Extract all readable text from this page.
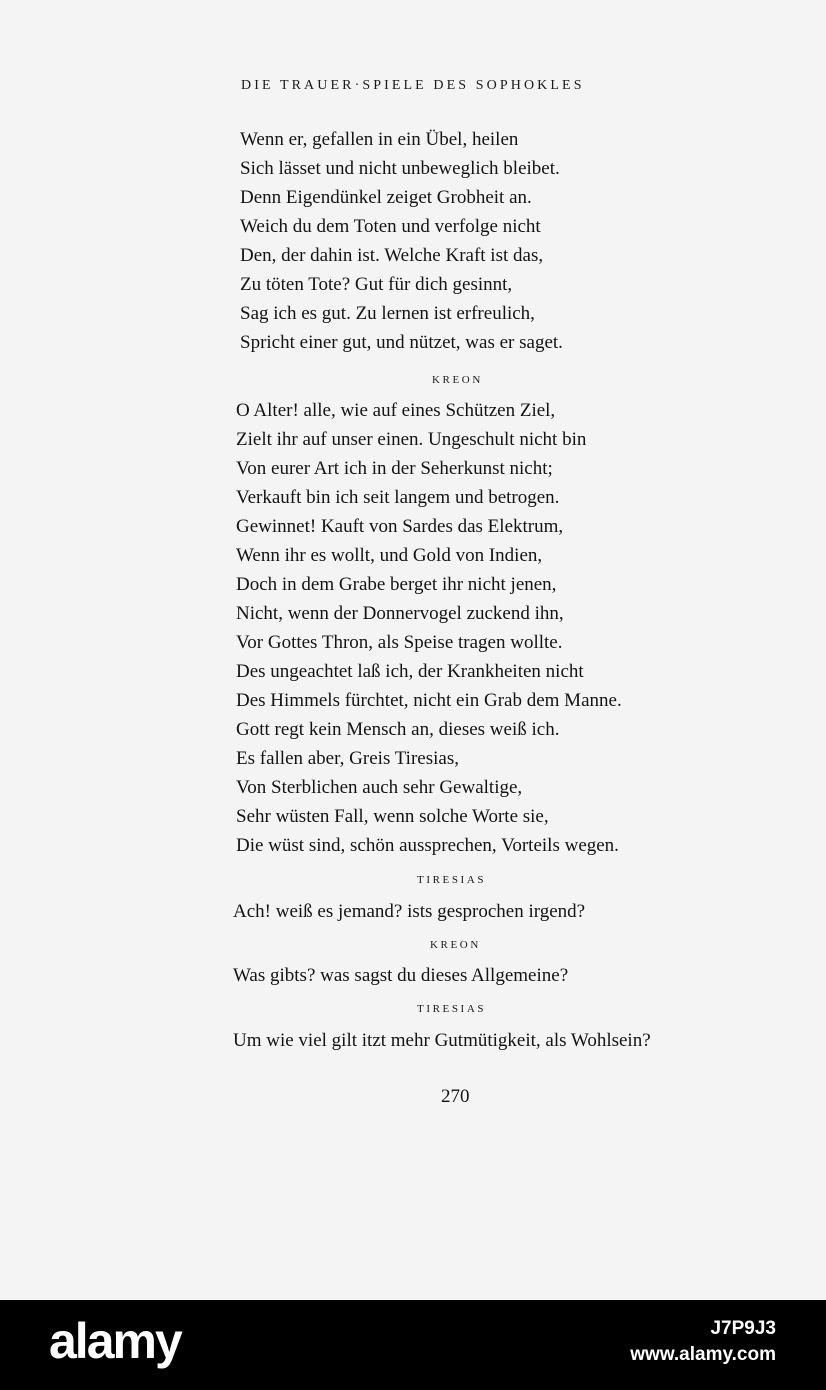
DIE TRAUER·SPIELE DES SOPHOKLES
Wenn er, gefallen in ein Übel, heilen
Sich lässet und nicht unbeweglich bleibet.
Denn Eigendünkel zeiget Grobheit an.
Weich du dem Toten und verfolge nicht
Den, der dahin ist. Welche Kraft ist das,
Zu töten Tote? Gut für dich gesinnt,
Sag ich es gut. Zu lernen ist erfreulich,
Spricht einer gut, und nützet, was er saget.
KREON
O Alter! alle, wie auf eines Schützen Ziel,
Zielt ihr auf unser einen. Ungeschult nicht bin
Von eurer Art ich in der Seherkunst nicht;
Verkauft bin ich seit langem und betrogen.
Gewinnet! Kauft von Sardes das Elektrum,
Wenn ihr es wollt, und Gold von Indien,
Doch in dem Grabe berget ihr nicht jenen,
Nicht, wenn der Donnervogel zuckend ihn,
Vor Gottes Thron, als Speise tragen wollte.
Des ungeachtet laß ich, der Krankheiten nicht
Des Himmels fürchtet, nicht ein Grab dem Manne.
Gott regt kein Mensch an, dieses weiß ich.
Es fallen aber, Greis Tiresias,
Von Sterblichen auch sehr Gewaltige,
Sehr wüsten Fall, wenn solche Worte sie,
Die wüst sind, schön aussprechen, Vorteils wegen.
TIRESIAS
Ach! weiß es jemand? ists gesprochen irgend?
KREON
Was gibts? was sagst du dieses Allgemeine?
TIRESIAS
Um wie viel gilt itzt mehr Gutmütigkeit, als Wohlsein?
270
alamy	J7P9J3
www.alamy.com
